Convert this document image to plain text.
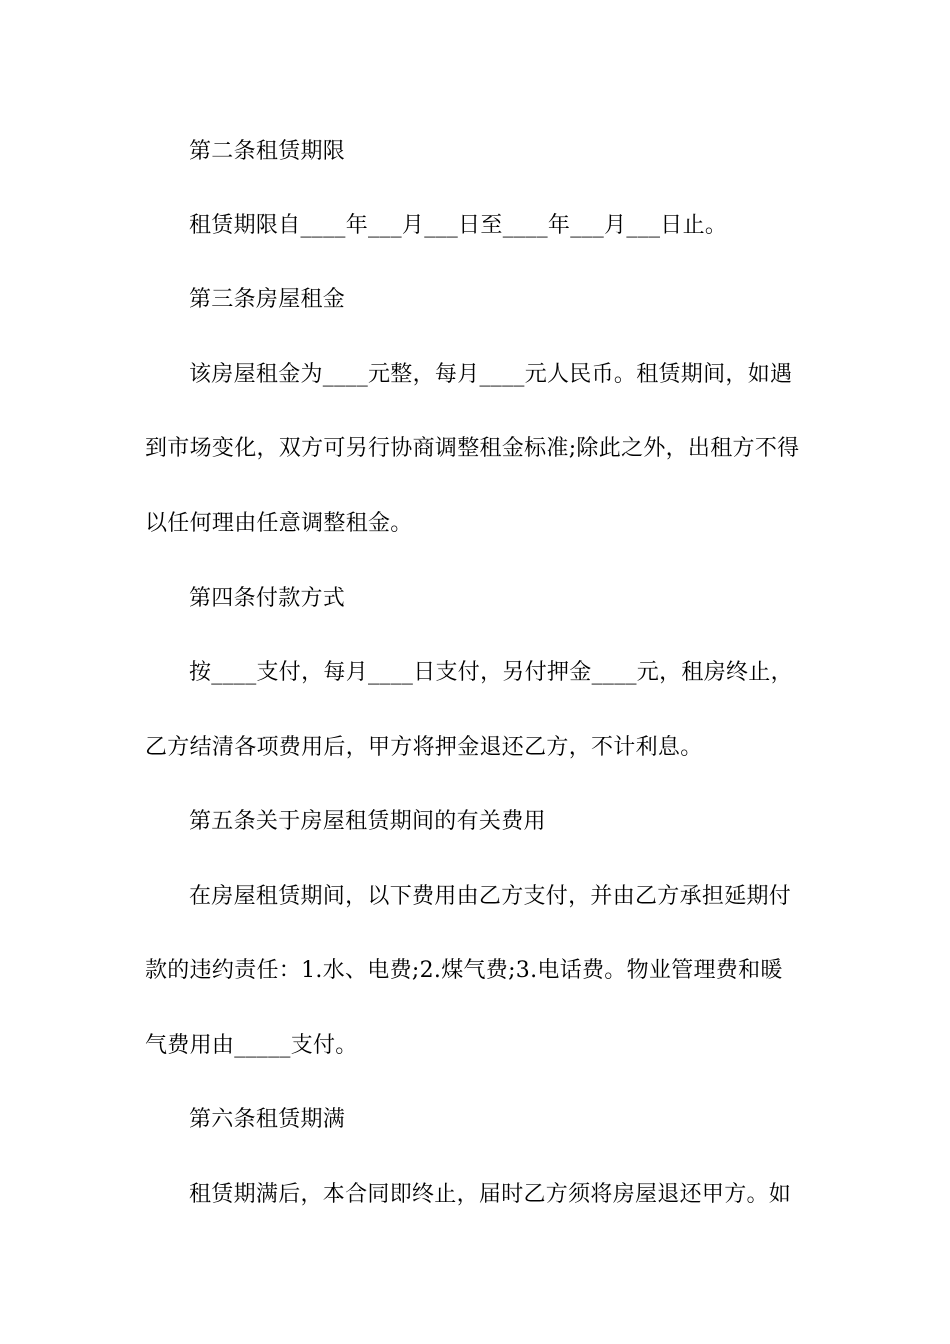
第二条租赁期限
租赁期限自____年___月___日至____年___月___日止。
第三条房屋租金
该房屋租金为____元整，每月____元人民币。租赁期间，如遇
到市场变化，双方可另行协商调整租金标准;除此之外，出租方不得
以任何理由任意调整租金。
第四条付款方式
按____支付，每月____日支付，另付押金____元，租房终止，
乙方结清各项费用后，甲方将押金退还乙方，不计利息。
第五条关于房屋租赁期间的有关费用
在房屋租赁期间，以下费用由乙方支付，并由乙方承担延期付
款的违约责任：1.水、电费;2.煤气费;3.电话费。物业管理费和暖
气费用由_____支付。
第六条租赁期满
租赁期满后，本合同即终止，届时乙方须将房屋退还甲方。如
